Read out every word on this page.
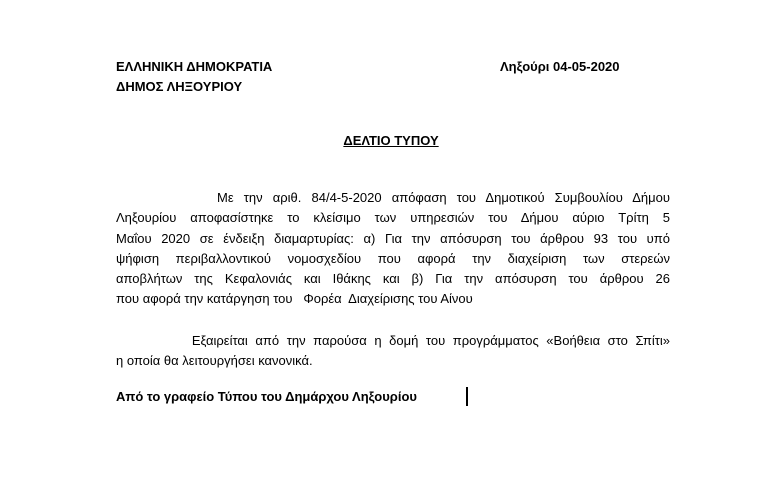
ΕΛΛΗΝΙΚΗ ΔΗΜΟΚΡΑΤΙΑ
ΔΗΜΟΣ ΛΗΞΟΥΡΙΟΥ
Ληξούρι 04-05-2020
ΔΕΛΤΙΟ ΤΥΠΟΥ
Με την αριθ. 84/4-5-2020 απόφαση του Δημοτικού Συμβουλίου Δήμου
Ληξουρίου αποφασίστηκε το κλείσιμο των υπηρεσιών του Δήμου αύριο Τρίτη 5
Μαΐου 2020 σε ένδειξη διαμαρτυρίας: α) Για την απόσυρση του άρθρου 93 του υπό
ψήφιση περιβαλλοντικού νομοσχεδίου που αφορά την διαχείριση των στερεών
αποβλήτων της Κεφαλονιάς και Ιθάκης και β) Για την απόσυρση του άρθρου 26
που αφορά την κατάργηση του   Φορέα  Διαχείρισης του Αίνου
Εξαιρείται από την παρούσα η δομή του προγράμματος «Βοήθεια στο Σπίτι»
η οποία θα λειτουργήσει κανονικά.
Από το γραφείο Τύπου του Δημάρχου Ληξουρίου
